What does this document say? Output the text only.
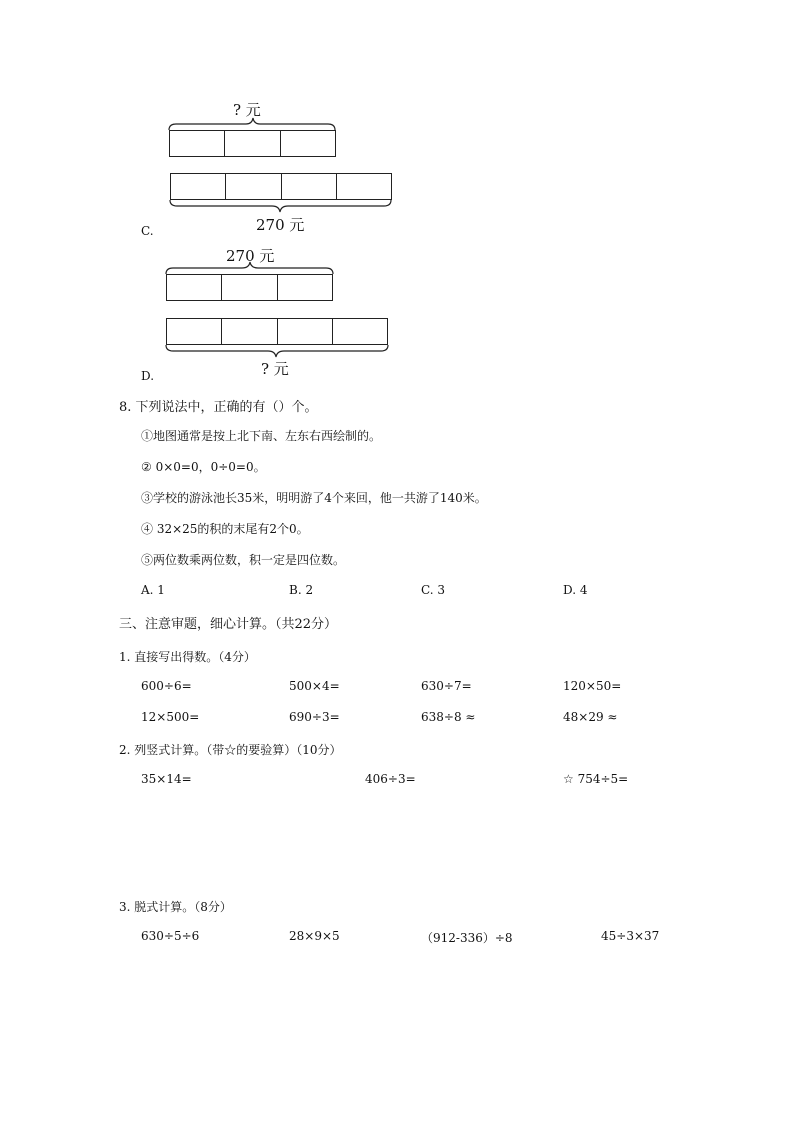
? 元
270 元
C.
270 元
? 元
D.
8. 下列说法中，正确的有（）个。
①地图通常是按上北下南、左东右西绘制的。
② 0×0=0，0÷0=0。
③学校的游泳池长35米，明明游了4个来回，他一共游了140米。
④ 32×25的积的末尾有2个0。
⑤两位数乘两位数，积一定是四位数。
A. 1	B. 2	C. 3	D. 4
三、注意审题，细心计算。（共22分）
1. 直接写出得数。（4分）
600÷6=	500×4=	630÷7=	120×50=
12×500=	690÷3=	638÷8 ≈	48×29 ≈
2. 列竖式计算。（带☆的要验算）（10分）
35×14=	406÷3=	☆ 754÷5=
3. 脱式计算。（8分）
630÷5÷6	28×9×5	（912-336）÷8	45÷3×37
